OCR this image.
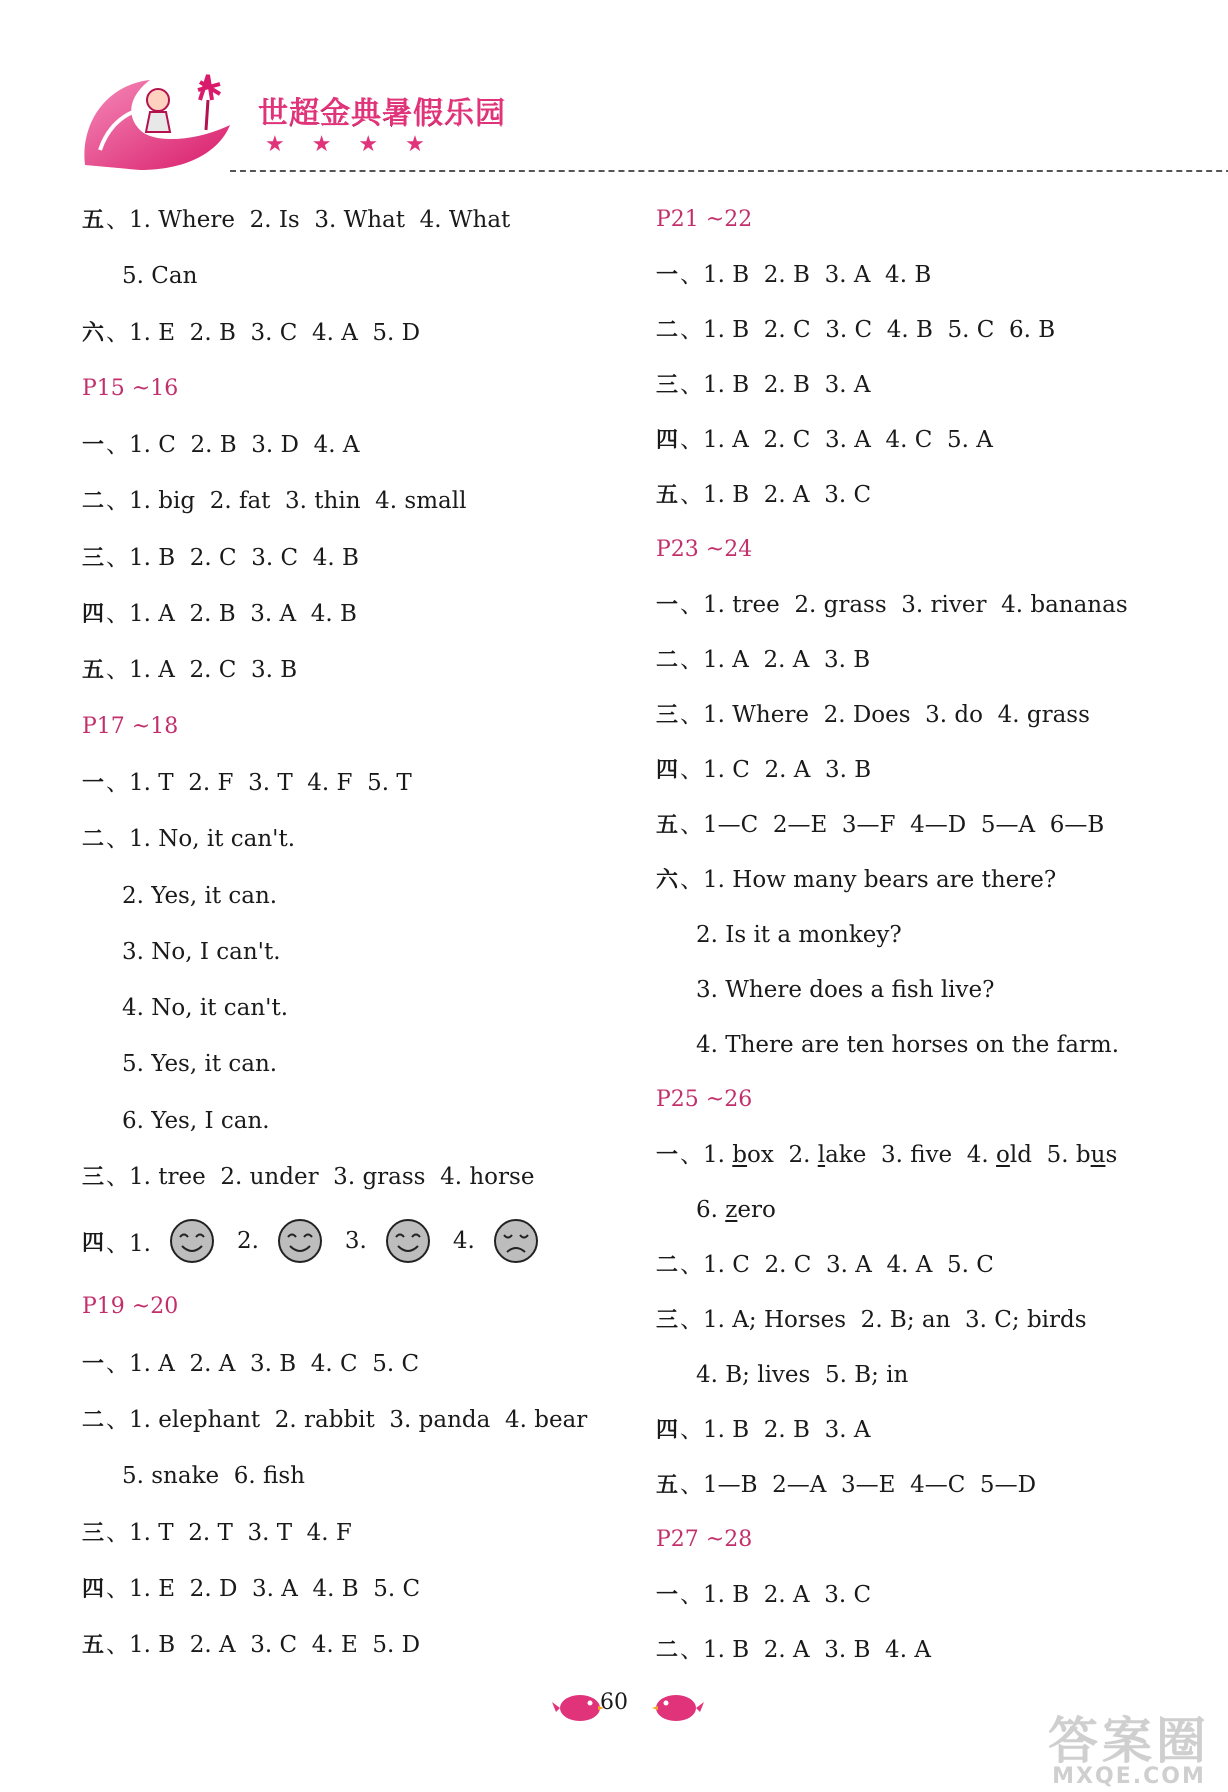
世超金典暑假乐园
★ ★ ★ ★
五、1. Where  2. Is  3. What  4. What
5. Can
六、1. E  2. B  3. C  4. A  5. D
P15 ~16
一、1. C  2. B  3. D  4. A
二、1. big  2. fat  3. thin  4. small
三、1. B  2. C  3. C  4. B
四、1. A  2. B  3. A  4. B
五、1. A  2. C  3. B
P17 ~18
一、1. T  2. F  3. T  4. F  5. T
二、1. No, it can't.
2. Yes, it can.
3. No, I can't.
4. No, it can't.
5. Yes, it can.
6. Yes, I can.
三、1. tree  2. under  3. grass  4. horse
四 、1.	2.	3.	4.
P19 ~20
一、1. A  2. A  3. B  4. C  5. C
二、1. elephant  2. rabbit  3. panda  4. bear
5. snake  6. fish
三、1. T  2. T  3. T  4. F
四、1. E  2. D  3. A  4. B  5. C
五、1. B  2. A  3. C  4. E  5. D
P21 ~22
一、1. B  2. B  3. A  4. B
二、1. B  2. C  3. C  4. B  5. C  6. B
三、1. B  2. B  3. A
四、1. A  2. C  3. A  4. C  5. A
五、1. B  2. A  3. C
P23 ~24
一、1. tree  2. grass  3. river  4. bananas
二、1. A  2. A  3. B
三、1. Where  2. Does  3. do  4. grass
四、1. C  2. A  3. B
五、1—C  2—E  3—F  4—D  5—A  6—B
六、1. How many bears are there?
2. Is it a monkey?
3. Where does a fish live?
4. There are ten horses on the farm.
P25 ~26
一、1. box  2. lake  3. fve  4. old  5. bus
6. zero
二、1. C  2. C  3. A  4. A  5. C
三、1. A; Horses  2. B; an  3. C; birds
4. B; lives  5. B; in
四、1. B  2. B  3. A
五、1—B  2—A  3—E  4—C  5—D
P27 ~28
一、1. B  2. A  3. C
二、1. B  2. A  3. B  4. A
60
答案圈
MXQE.COM
